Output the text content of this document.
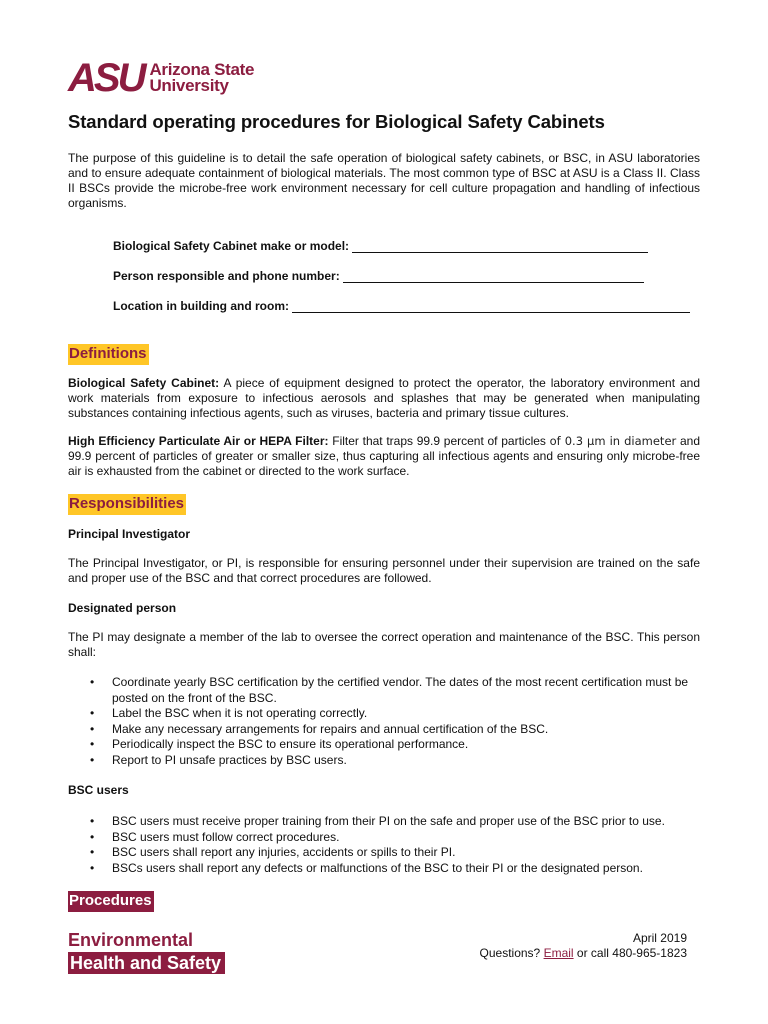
ASU Arizona State
University
Standard operating procedures for Biological Safety Cabinets
The purpose of this guideline is to detail the safe operation of biological safety cabinets, or BSC, in ASU laboratories and to ensure adequate containment of biological materials. The most common type of BSC at ASU is a Class II. Class II BSCs provide the microbe-free work environment necessary for cell culture propagation and handling of infectious organisms.
Biological Safety Cabinet make or model:
Person responsible and phone number:
Location in building and room:
Definitions
Biological Safety Cabinet: A piece of equipment designed to protect the operator, the laboratory environment and work materials from exposure to infectious aerosols and splashes that may be generated when manipulating substances containing infectious agents, such as viruses, bacteria and primary tissue cultures.
High Efficiency Particulate Air or HEPA Filter: Filter that traps 99.9 percent of particles of 0.3 µm in diameter and 99.9 percent of particles of greater or smaller size, thus capturing all infectious agents and ensuring only microbe-free air is exhausted from the cabinet or directed to the work surface.
Responsibilities
Principal Investigator
The Principal Investigator, or PI, is responsible for ensuring personnel under their supervision are trained on the safe and proper use of the BSC and that correct procedures are followed.
Designated person
The PI may designate a member of the lab to oversee the correct operation and maintenance of the BSC. This person shall:
• Coordinate yearly BSC certification by the certified vendor. The dates of the most recent certification must be posted on the front of the BSC.
• Label the BSC when it is not operating correctly.
• Make any necessary arrangements for repairs and annual certification of the BSC.
• Periodically inspect the BSC to ensure its operational performance.
• Report to PI unsafe practices by BSC users.
BSC users
• BSC users must receive proper training from their PI on the safe and proper use of the BSC prior to use.
• BSC users must follow correct procedures.
• BSC users shall report any injuries, accidents or spills to their PI.
• BSCs users shall report any defects or malfunctions of the BSC to their PI or the designated person.
Procedures
Environmental
Health and Safety
April 2019
Questions? Email or call 480-965-1823
